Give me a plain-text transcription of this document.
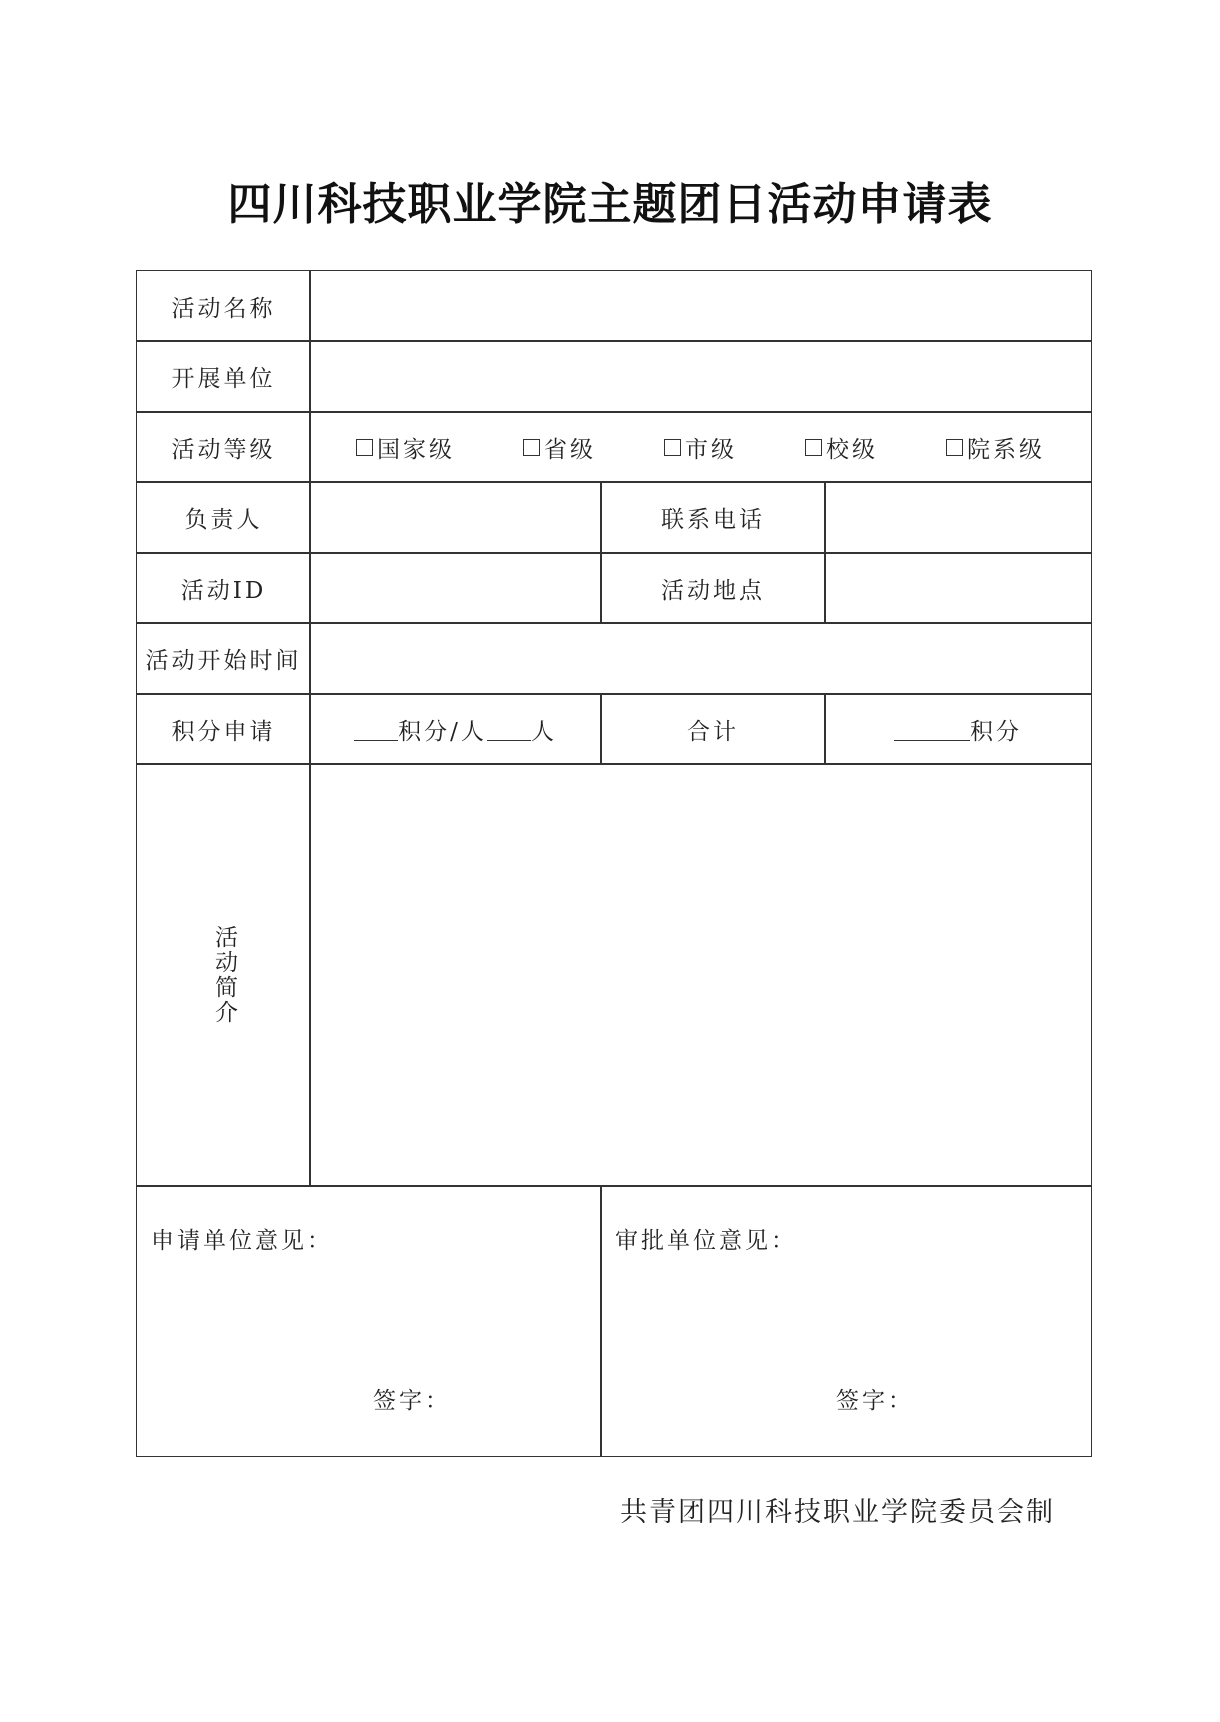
四川科技职业学院主题团日活动申请表
活动名称
开展单位
活动等级	国家级	省级	市级	校级	院系级
负责人	联系电话
活动ID	活动地点
活动开始时间
积分申请	积分/人 人	合计	积分
活动简介
申请单位意见：
签字：
审批单位意见：
签字：
共青团四川科技职业学院委员会制
